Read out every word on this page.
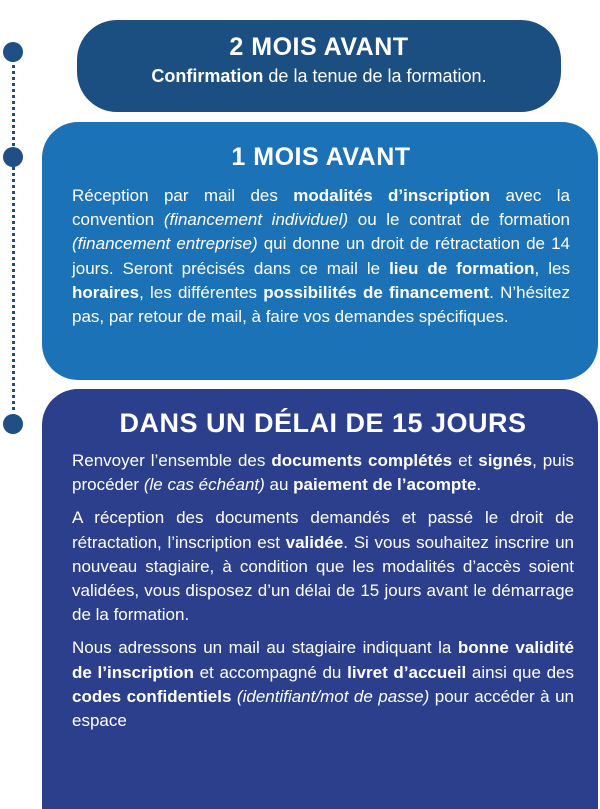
2 MOIS AVANT
Confirmation de la tenue de la formation.
1 MOIS AVANT
Réception par mail des modalités d’inscription avec la convention (financement individuel) ou le contrat de formation (financement entreprise) qui donne un droit de rétractation de 14 jours. Seront précisés dans ce mail le lieu de formation, les horaires, les différentes possibilités de financement. N’hésitez pas, par retour de mail, à faire vos demandes spécifiques.
DANS UN DÉLAI DE 15 JOURS
Renvoyer l’ensemble des documents complétés et signés, puis procéder (le cas échéant) au paiement de l’acompte.
A réception des documents demandés et passé le droit de rétractation, l’inscription est validée. Si vous souhaitez inscrire un nouveau stagiaire, à condition que les modalités d’accès soient validées, vous disposez d’un délai de 15 jours avant le démarrage de la formation.
Nous adressons un mail au stagiaire indiquant la bonne validité de l’inscription et accompagné du livret d’accueil ainsi que des codes confidentiels (identifiant/mot de passe) pour accéder à un espace
